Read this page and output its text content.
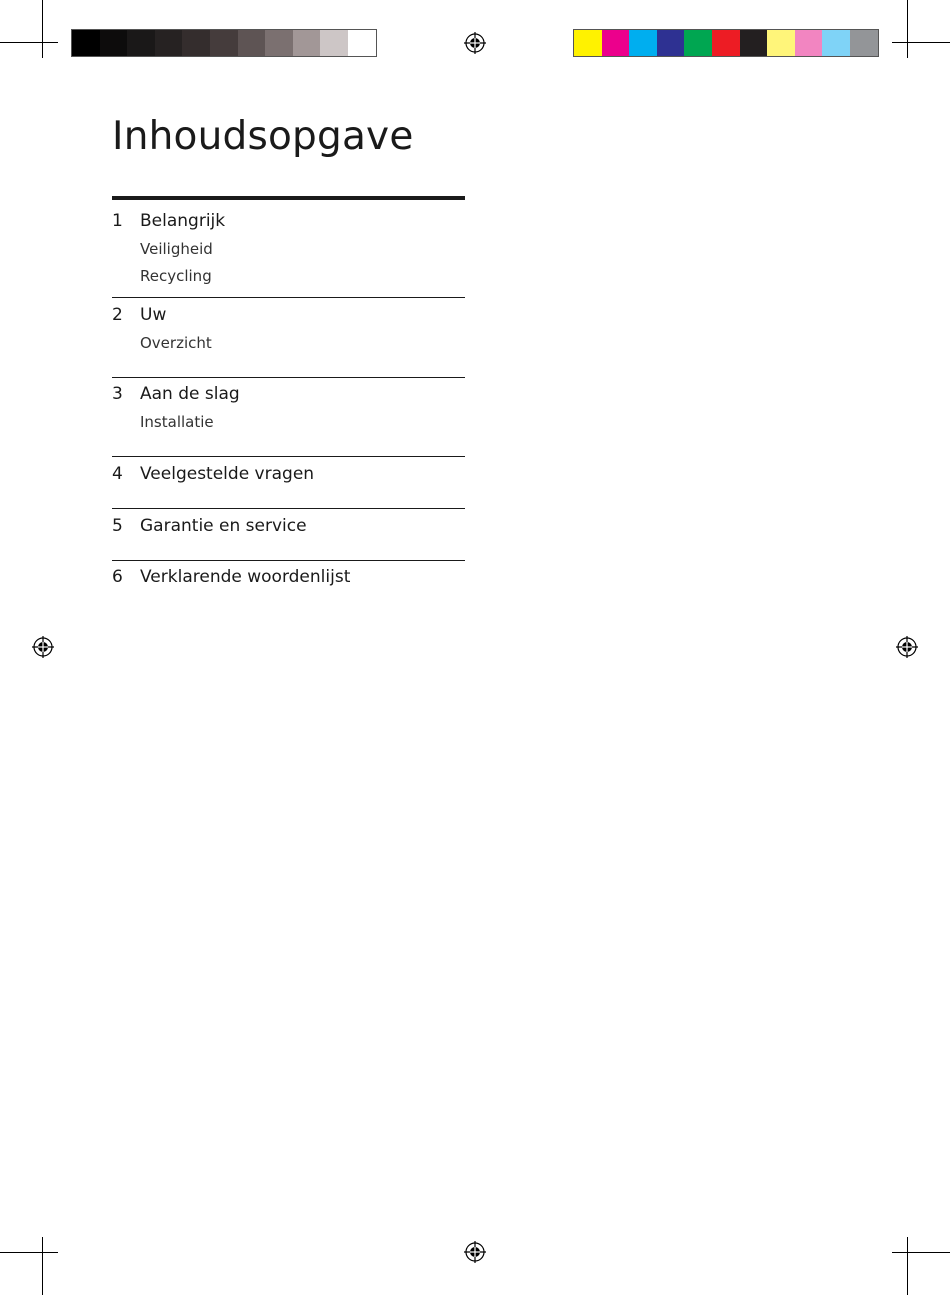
Inhoudsopgave
1	Belangrijk
Veiligheid
Recycling
2	Uw
Overzicht
3	Aan de slag
Installatie
4	Veelgestelde vragen
5	Garantie en service
6	Verklarende woordenlijst
